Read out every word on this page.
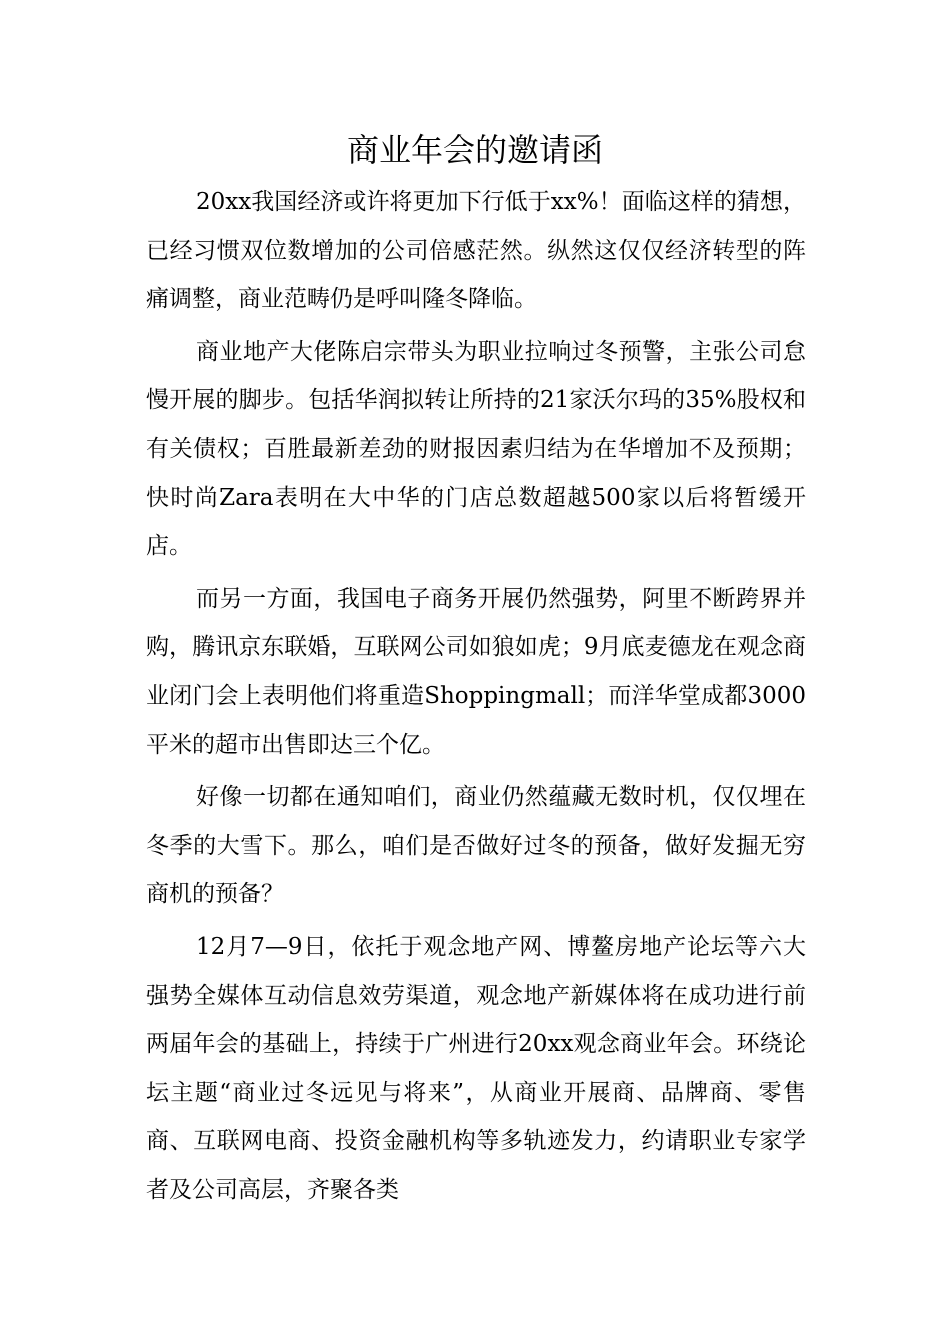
商业年会的邀请函

20xx我国经济或许将更加下行低于xx%！面临这样的猜想，已经习惯双位数增加的公司倍感茫然。纵然这仅仅经济转型的阵痛调整，商业范畴仍是呼叫隆冬降临。

商业地产大佬陈启宗带头为职业拉响过冬预警，主张公司怠慢开展的脚步。包括华润拟转让所持的21家沃尔玛的35%股权和有关债权；百胜最新差劲的财报因素归结为在华增加不及预期；快时尚Zara表明在大中华的门店总数超越500家以后将暂缓开店。

而另一方面，我国电子商务开展仍然强势，阿里不断跨界并购，腾讯京东联婚，互联网公司如狼如虎；9月底麦德龙在观念商业闭门会上表明他们将重造Shoppingmall；而洋华堂成都3000平米的超市出售即达三个亿。

好像一切都在通知咱们，商业仍然蕴藏无数时机，仅仅埋在冬季的大雪下。那么，咱们是否做好过冬的预备，做好发掘无穷商机的预备？

12月7—9日，依托于观念地产网、博鳌房地产论坛等六大强势全媒体互动信息效劳渠道，观念地产新媒体将在成功进行前两届年会的基础上，持续于广州进行20xx观念商业年会。环绕论坛主题“商业过冬远见与将来”，从商业开展商、品牌商、零售商、互联网电商、投资金融机构等多轨迹发力，约请职业专家学者及公司高层，齐聚各类
